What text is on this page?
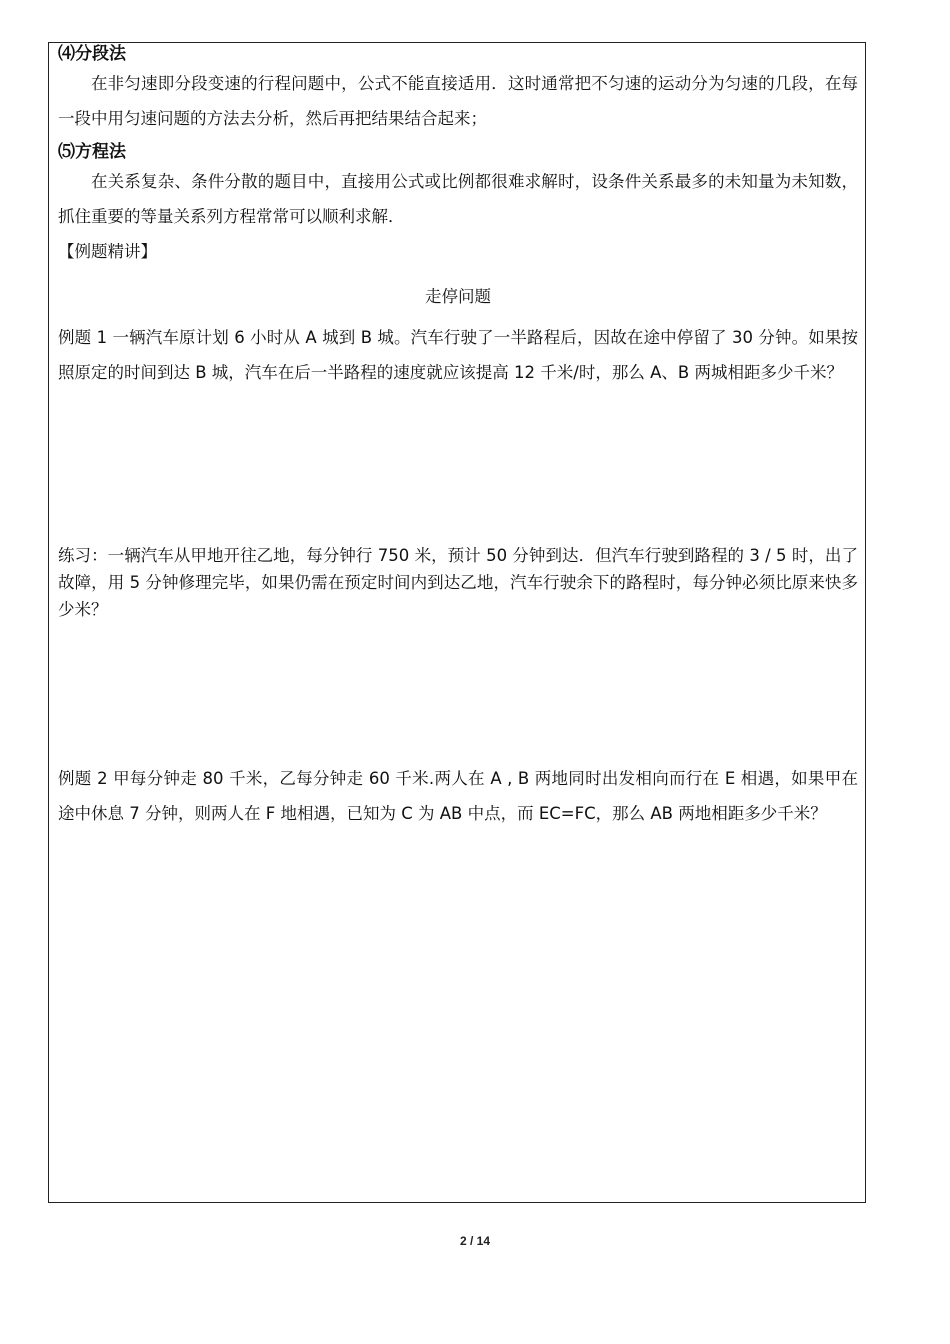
⑷分段法

在非匀速即分段变速的行程问题中，公式不能直接适用．这时通常把不匀速的运动分为匀速的几段，在每一段中用匀速问题的方法去分析，然后再把结果结合起来；

⑸方程法

在关系复杂、条件分散的题目中，直接用公式或比例都很难求解时，设条件关系最多的未知量为未知数，抓住重要的等量关系列方程常常可以顺利求解．

【例题精讲】

走停问题

例题 1 一辆汽车原计划 6 小时从 A 城到 B 城。汽车行驶了一半路程后，因故在途中停留了 30 分钟。如果按照原定的时间到达 B 城，汽车在后一半路程的速度就应该提高 12 千米/时，那么 A、B 两城相距多少千米？

练习：一辆汽车从甲地开往乙地，每分钟行 750 米，预计 50 分钟到达．但汽车行驶到路程的 3 / 5 时，出了故障，用 5 分钟修理完毕，如果仍需在预定时间内到达乙地，汽车行驶余下的路程时，每分钟必须比原来快多少米？

例题 2 甲每分钟走 80 千米，乙每分钟走 60 千米.两人在 A , B 两地同时出发相向而行在 E 相遇，如果甲在途中休息 7 分钟，则两人在 F 地相遇，已知为 C 为 AB 中点，而 EC=FC，那么 AB 两地相距多少千米？

2 / 14
